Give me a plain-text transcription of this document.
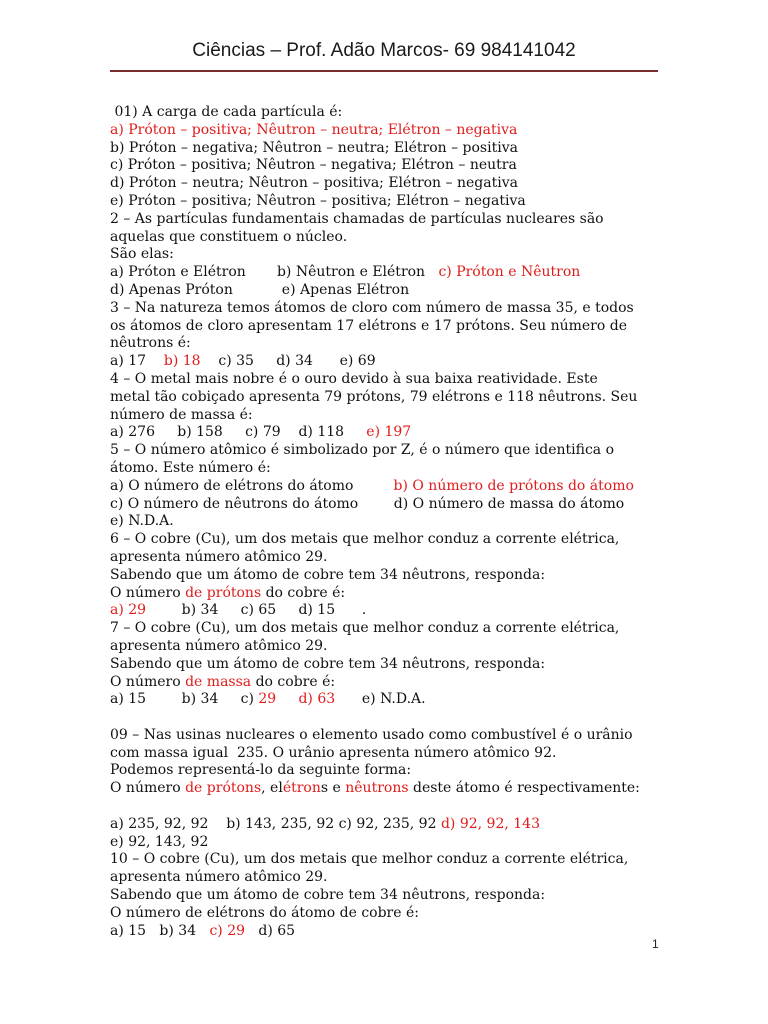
Ciências – Prof. Adão Marcos- 69 984141042
01) A carga de cada partícula é:
a) Próton – positiva; Nêutron – neutra; Elétron – negativa
b) Próton – negativa; Nêutron – neutra; Elétron – positiva
c) Próton – positiva; Nêutron – negativa; Elétron – neutra
d) Próton – neutra; Nêutron – positiva; Elétron – negativa
e) Próton – positiva; Nêutron – positiva; Elétron – negativa
2 – As partículas fundamentais chamadas de partículas nucleares são
aquelas que constituem o núcleo.
São elas:
a) Próton e Elétron       b) Nêutron e Elétron   c) Próton e Nêutron
d) Apenas Próton           e) Apenas Elétron
3 – Na natureza temos átomos de cloro com número de massa 35, e todos
os átomos de cloro apresentam 17 elétrons e 17 prótons. Seu número de
nêutrons é:
a) 17    b) 18    c) 35     d) 34      e) 69
4 – O metal mais nobre é o ouro devido à sua baixa reatividade. Este
metal tão cobiçado apresenta 79 prótons, 79 elétrons e 118 nêutrons. Seu
número de massa é:
a) 276     b) 158     c) 79    d) 118     e) 197
5 – O número atômico é simbolizado por Z, é o número que identifica o
átomo. Este número é:
a) O número de elétrons do átomo         b) O número de prótons do átomo
c) O número de nêutrons do átomo        d) O número de massa do átomo
e) N.D.A.
6 – O cobre (Cu), um dos metais que melhor conduz a corrente elétrica,
apresenta número atômico 29.
Sabendo que um átomo de cobre tem 34 nêutrons, responda:
O número de prótons do cobre é:
a) 29        b) 34     c) 65     d) 15      .
7 – O cobre (Cu), um dos metais que melhor conduz a corrente elétrica,
apresenta número atômico 29.
Sabendo que um átomo de cobre tem 34 nêutrons, responda:
O número de massa do cobre é:
a) 15        b) 34     c) 29 d) 63      e) N.D.A.
09 – Nas usinas nucleares o elemento usado como combustível é o urânio
com massa igual  235. O urânio apresenta número atômico 92.
Podemos representá-lo da seguinte forma:
O número de prótons, elétrons e nêutrons deste átomo é respectivamente:
a) 235, 92, 92    b) 143, 235, 92 c) 92, 235, 92 d) 92, 92, 143
e) 92, 143, 92
10 – O cobre (Cu), um dos metais que melhor conduz a corrente elétrica,
apresenta número atômico 29.
Sabendo que um átomo de cobre tem 34 nêutrons, responda:
O número de elétrons do átomo de cobre é:
a) 15   b) 34   c) 29   d) 65
1
